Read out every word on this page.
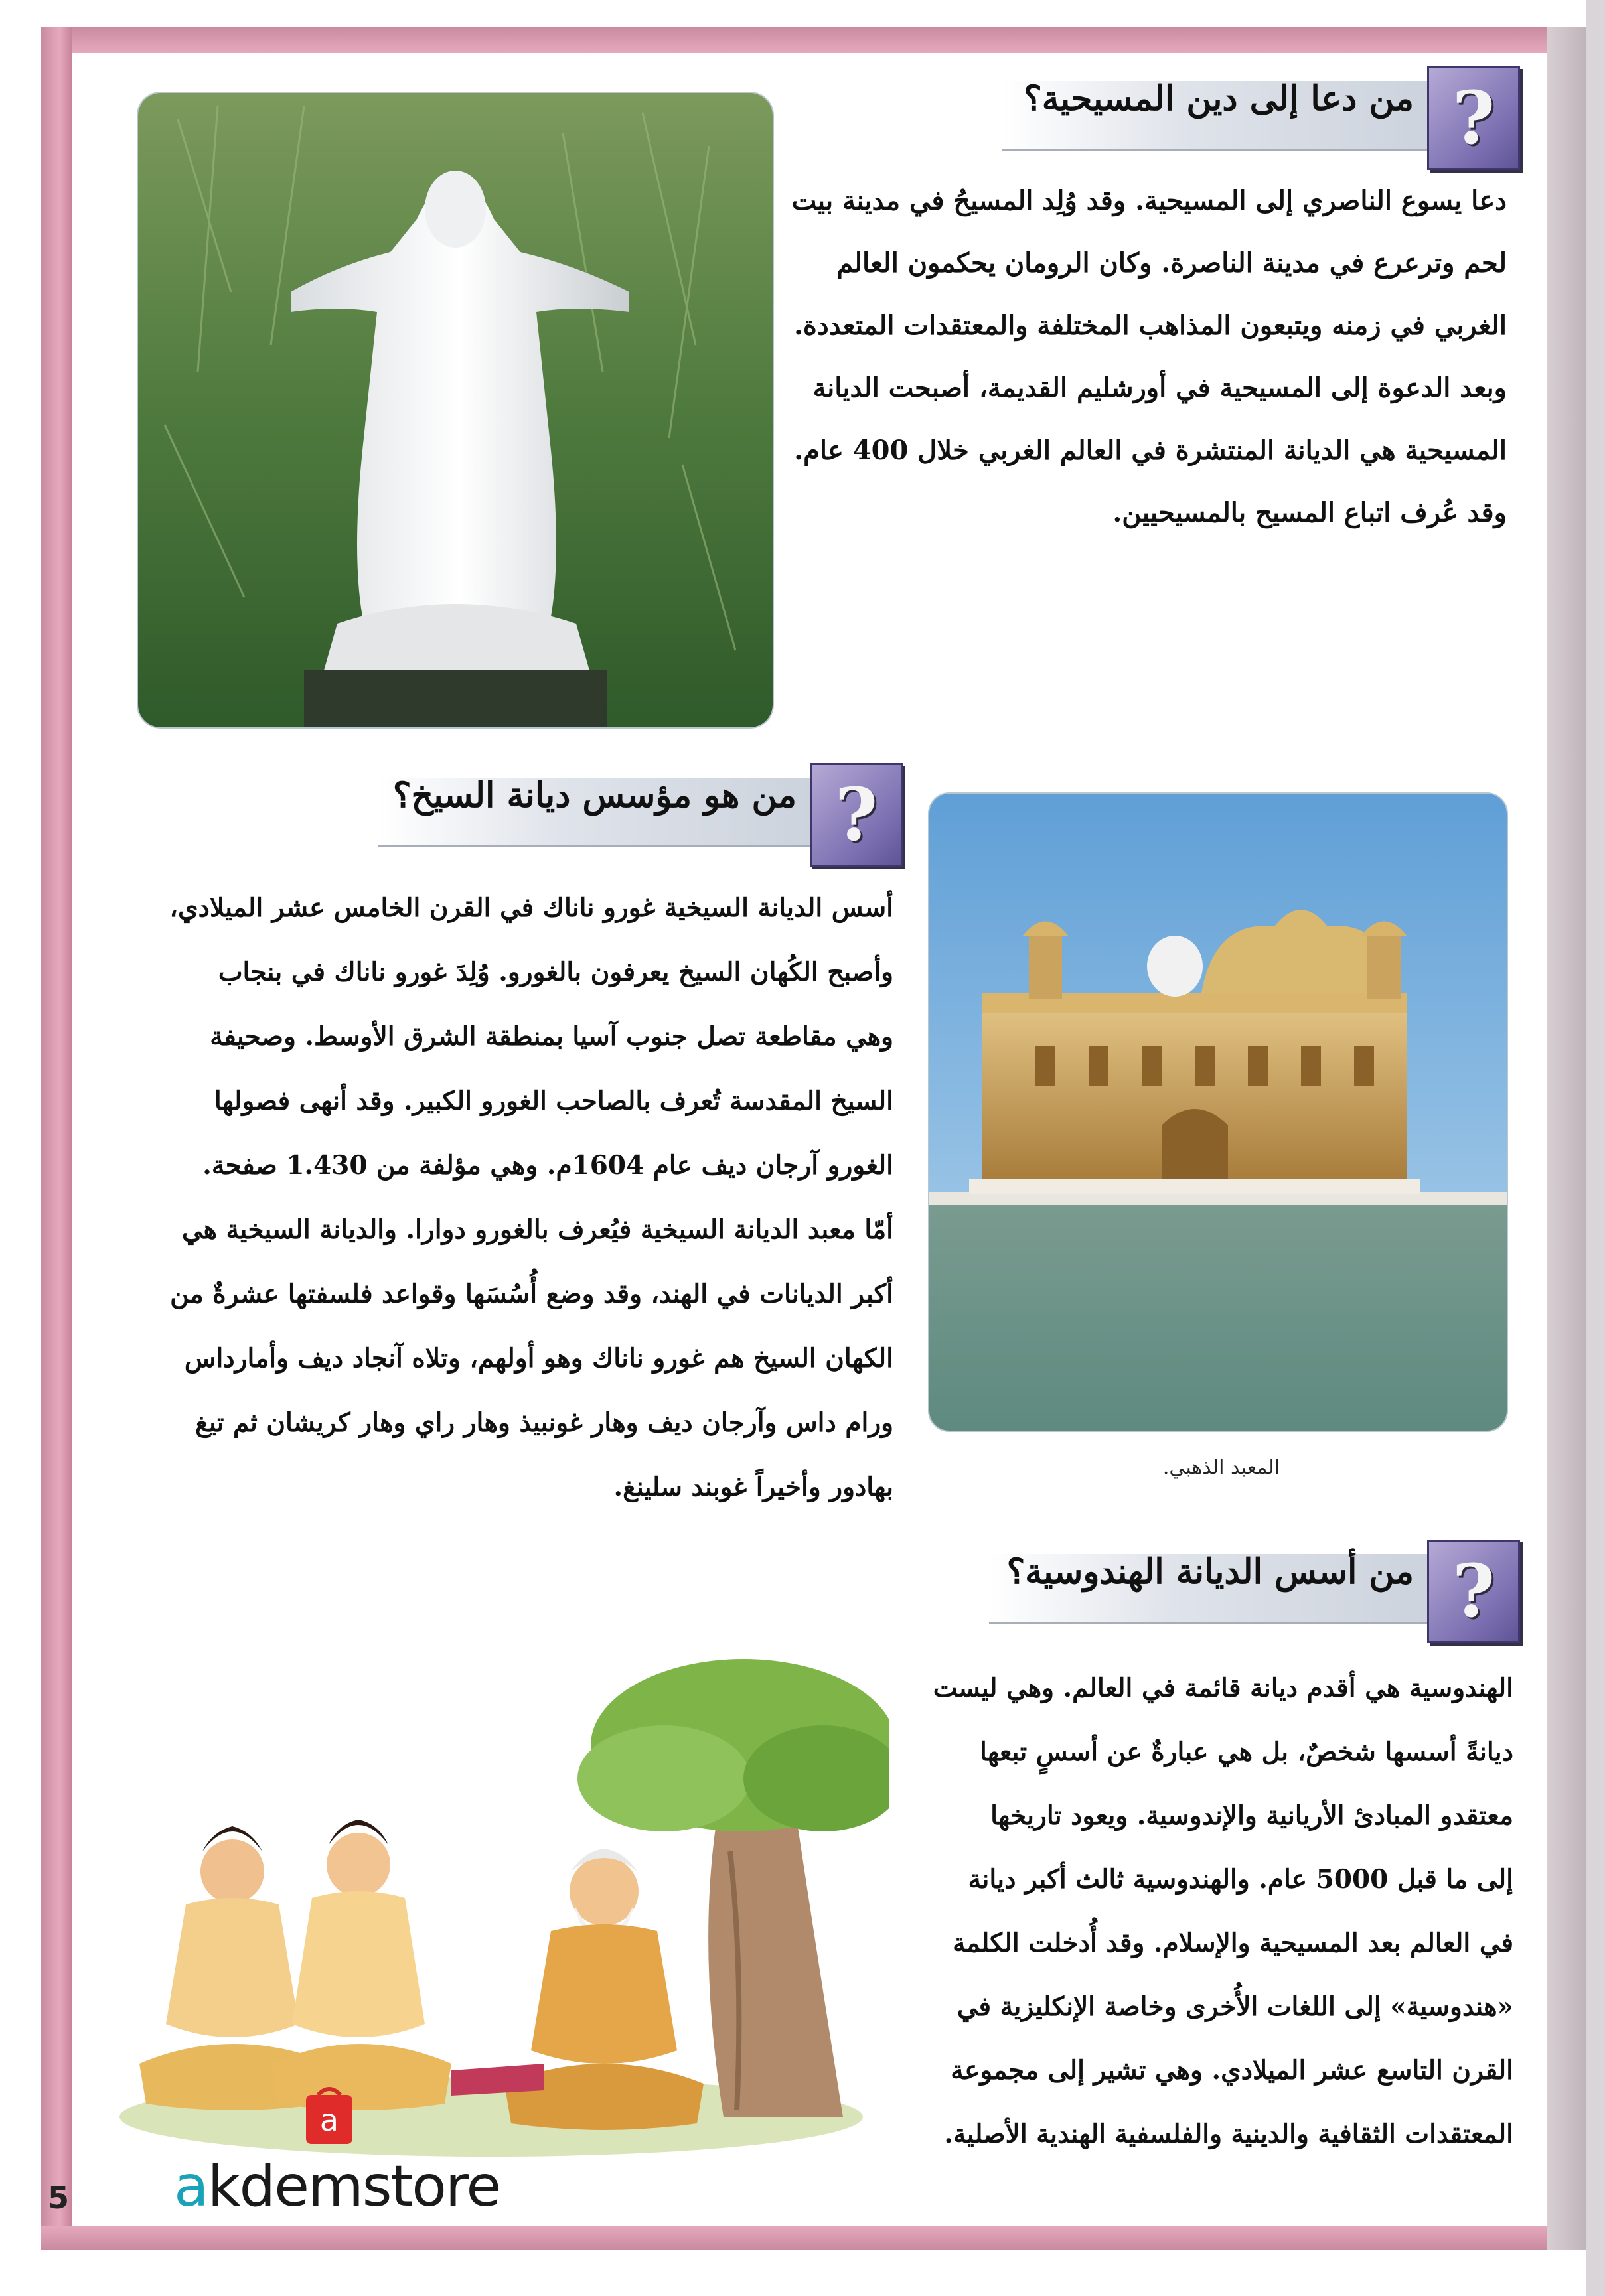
من دعا إلى دين المسيحية؟ ?
دعا يسوع الناصري إلى المسيحية. وقد وُلِد المسيحُ في مدينة بيت
لحم وترعرع في مدينة الناصرة. وكان الرومان يحكمون العالم
الغربي في زمنه ويتبعون المذاهب المختلفة والمعتقدات المتعددة.
وبعد الدعوة إلى المسيحية في أورشليم القديمة، أصبحت الديانة
المسيحية هي الديانة المنتشرة في العالم الغربي خلال 400 عام.
وقد عُرف اتباع المسيح بالمسيحيين.
من هو مؤسس ديانة السيخ؟ ?
أسس الديانة السيخية غورو ناناك في القرن الخامس عشر الميلادي،
وأصبح الكُهان السيخ يعرفون بالغورو. وُلِدَ غورو ناناك في بنجاب
وهي مقاطعة تصل جنوب آسيا بمنطقة الشرق الأوسط. وصحيفة
السيخ المقدسة تُعرف بالصاحب الغورو الكبير. وقد أنهى فصولها
الغورو آرجان ديف عام 1604م. وهي مؤلفة من 1.430 صفحة.
أمّا معبد الديانة السيخية فيُعرف بالغورو دوارا. والديانة السيخية هي
أكبر الديانات في الهند، وقد وضع أُسُسَها وقواعد فلسفتها عشرةٌ من
الكهان السيخ هم غورو ناناك وهو أولهم، وتلاه آنجاد ديف وأمارداس
ورام داس وآرجان ديف وهار غونبيذ وهار راي وهار كريشان ثم تيغ
بهادور وأخيراً غوبند سلينغ.
المعبد الذهبي.
من أسس الديانة الهندوسية؟ ?
الهندوسية هي أقدم ديانة قائمة في العالم. وهي ليست
ديانةً أسسها شخصٌ، بل هي عبارةٌ عن أسسٍ تبعها
معتقدو المبادئ الأريانية والإندوسية. ويعود تاريخها
إلى ما قبل 5000 عام. والهندوسية ثالث أكبر ديانة
في العالم بعد المسيحية والإسلام. وقد أُدخلت الكلمة
«هندوسية» إلى اللغات الأُخرى وخاصة الإنكليزية في
القرن التاسع عشر الميلادي. وهي تشير إلى مجموعة
المعتقدات الثقافية والدينية والفلسفية الهندية الأصلية.
a
akdemstore
5
